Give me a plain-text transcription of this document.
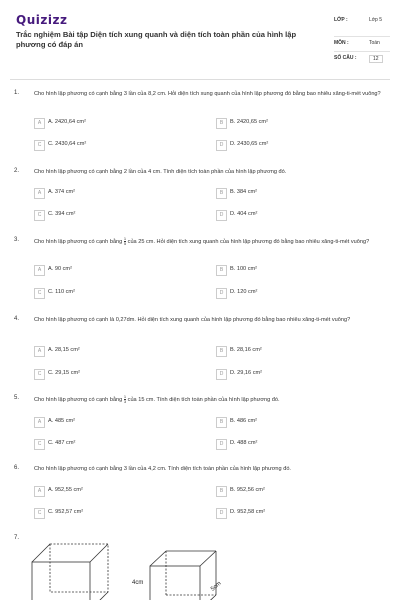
Quizizz
Trắc nghiệm Bài tập Diện tích xung quanh và diện tích toàn phần của hình lập phương có đáp án
LỚP :	Lớp 5
MÔN :	Toán
SỐ CÂU :	12
1.	Cho hình lập phương có cạnh bằng 3 lần của 8,2 cm. Hỏi diện tích xung quanh của hình lập phương đó bằng bao nhiêu xăng-ti-mét vuông?
A	A. 2420,64 cm²	B	B. 2420,65 cm²
C	C. 2430,64 cm²	D	D. 2430,65 cm²
2.	Cho hình lập phương có cạnh bằng 2 lần của 4 cm. Tính diện tích toàn phần của hình lập phương đó.
A	A. 374 cm²	B	B. 384 cm²
C	C. 394 cm²	D	D. 404 cm²
3.	Cho hình lập phương có cạnh bằng $\frac{1}{5}$ của 25 cm. Hỏi diện tích xung quanh của hình lập phương đó bằng bao nhiêu xăng-ti-mét vuông?
A	A. 90 cm²	B	B. 100 cm²
C	C. 110 cm²	D	D. 120 cm²
4.	Cho hình lập phương có cạnh là 0,27dm. Hỏi diện tích xung quanh của hình lập phương đó bằng bao nhiêu xăng-ti-mét vuông?
A	A. 28,15 cm²	B	B. 28,16 cm²
C	C. 29,15 cm²	D	D. 29,16 cm²
5.	Cho hình lập phương có cạnh bằng $\frac{1}{3}$ của 15 cm. Tính diện tích toàn phần của hình lập phương đó.
A	A. 485 cm²	B	B. 486 cm²
C	C. 487 cm²	D	D. 488 cm²
6.	Cho hình lập phương có cạnh bằng 3 lần của 4,2 cm. Tính diện tích toàn phần của hình lập phương đó.
A	A. 952,55 cm²	B	B. 952,56 cm²
C	C. 952,57 cm²	D	D. 952,58 cm²
7.
4cm	5cm
